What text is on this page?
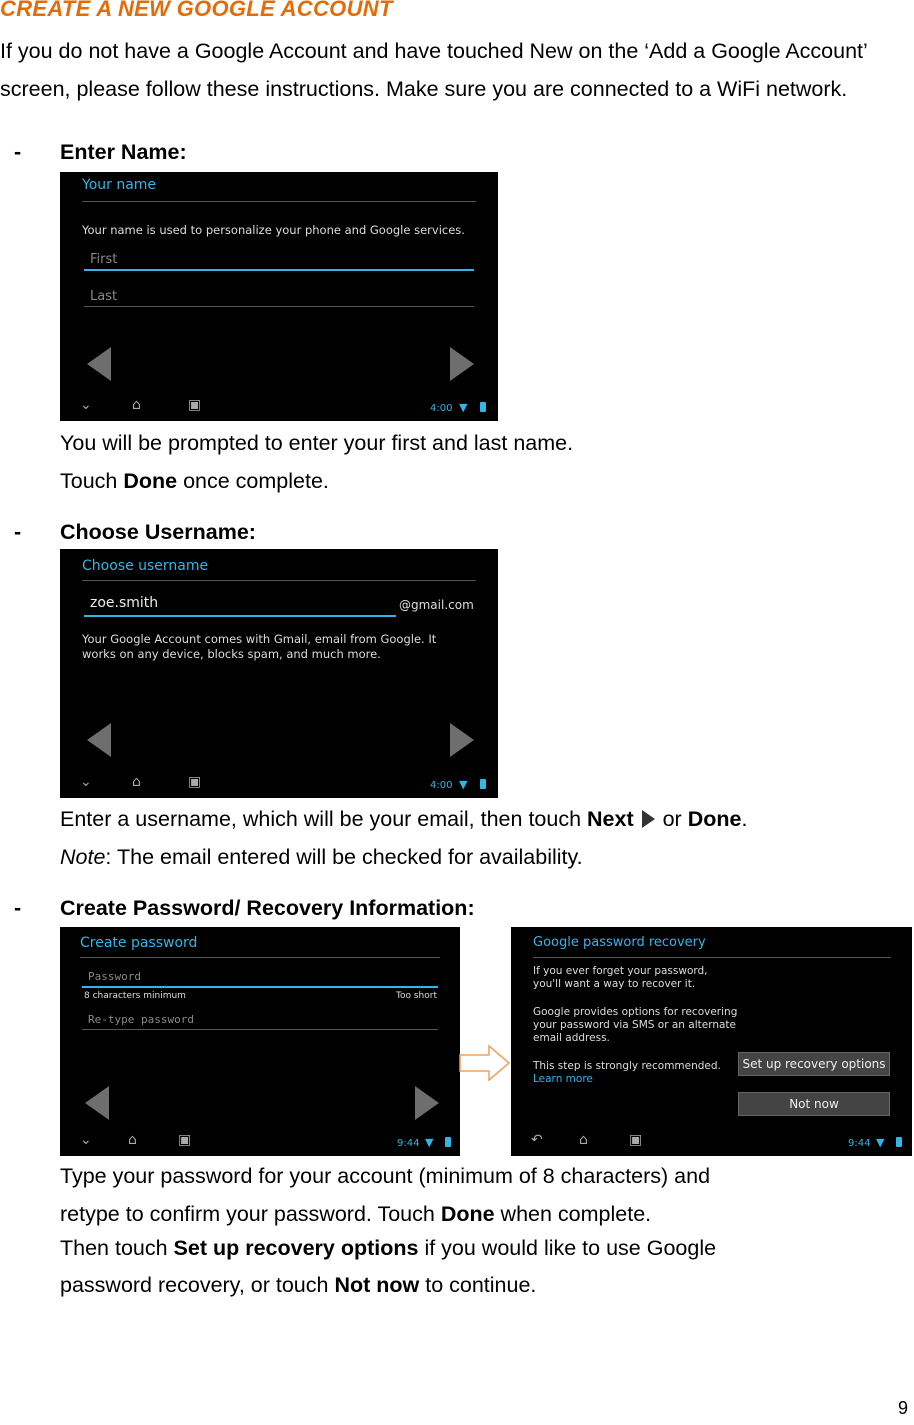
CREATE A NEW GOOGLE ACCOUNT
If you do not have a Google Account and have touched New on the ‘Add a Google Account’ screen, please follow these instructions. Make sure you are connected to a WiFi network.
- Enter Name:
Your name
Your name is used to personalize your phone and Google services.
First
Last
⌄	⌂	▣	4:00 ▼
You will be prompted to enter your first and last name.
Touch Done once complete.
- Choose Username:
Choose username
zoe.smith	@gmail.com
Your Google Account comes with Gmail, email from Google. It works on any device, blocks spam, and much more.
⌄	⌂	▣	4:00 ▼
Enter a username, which will be your email, then touch Next  or Done.
Note: The email entered will be checked for availability.
- Create Password/ Recovery Information:
Create password
Password
8 characters minimum	Too short
Re-type password
⌄	⌂	▣	9:44 ▼
Google password recovery
If you ever forget your password, you'll want a way to recover it.
Google provides options for recovering your password via SMS or an alternate email address.
This step is strongly recommended.
Learn more
Set up recovery options
Not now
↶	⌂	▣	9:44 ▼
Type your password for your account (minimum of 8 characters) and
retype to confirm your password. Touch Done when complete.
Then touch Set up recovery options if you would like to use Google
password recovery, or touch Not now to continue.
9
